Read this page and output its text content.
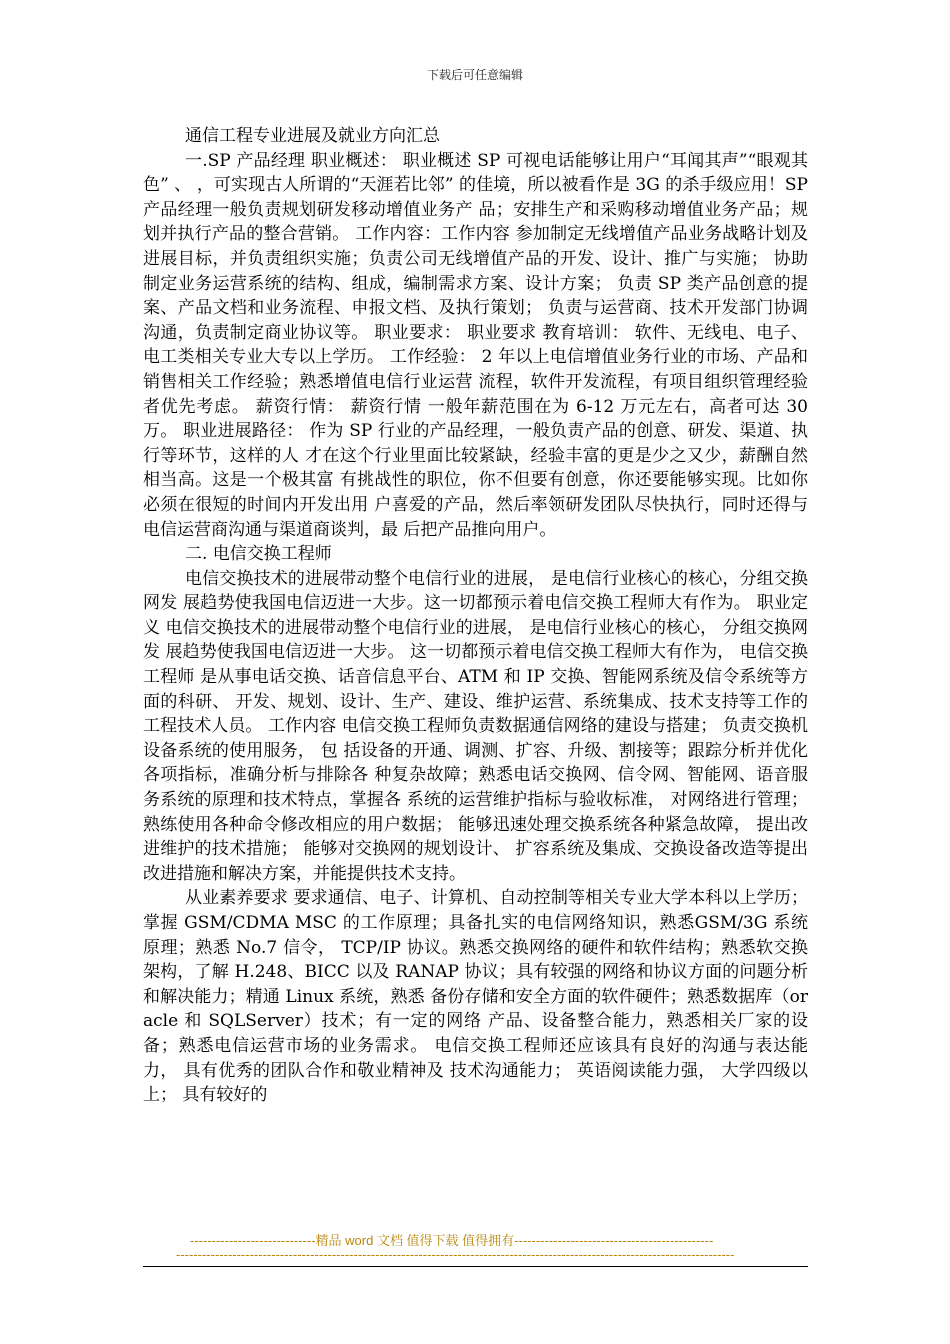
下载后可任意编辑

通信工程专业进展及就业方向汇总

一.SP 产品经理 职业概述： 职业概述 SP 可视电话能够让用户“耳闻其声”“眼观其色” 、 ，可实现古人所谓的“天涯若比邻” 的佳境，所以被看作是 3G 的杀手级应用！SP 产品经理一般负责规划研发移动增值业务产 品；安排生产和采购移动增值业务产品；规划并执行产品的整合营销。 工作内容：工作内容 参加制定无线增值产品业务战略计划及进展目标，并负责组织实施；负责公司无线增值产品的开发、设计、推广与实施； 协助制定业务运营系统的结构、组成，编制需求方案、设计方案； 负责 SP 类产品创意的提案、产品文档和业务流程、申报文档、及执行策划； 负责与运营商、技术开发部门协调沟通，负责制定商业协议等。 职业要求： 职业要求 教育培训： 软件、无线电、电子、电工类相关专业大专以上学历。 工作经验： 2 年以上电信增值业务行业的市场、产品和销售相关工作经验；熟悉增值电信行业运营 流程，软件开发流程，有项目组织管理经验者优先考虑。 薪资行情： 薪资行情 一般年薪范围在为 6-12 万元左右，高者可达 30 万。 职业进展路径： 作为 SP 行业的产品经理，一般负责产品的创意、研发、渠道、执行等环节，这样的人 才在这个行业里面比较紧缺，经验丰富的更是少之又少，薪酬自然相当高。这是一个极其富 有挑战性的职位，你不但要有创意，你还要能够实现。比如你必须在很短的时间内开发出用 户喜爱的产品，然后率领研发团队尽快执行，同时还得与电信运营商沟通与渠道商谈判，最 后把产品推向用户。

二. 电信交换工程师

电信交换技术的进展带动整个电信行业的进展， 是电信行业核心的核心，分组交换网发 展趋势使我国电信迈进一大步。这一切都预示着电信交换工程师大有作为。 职业定义 电信交换技术的进展带动整个电信行业的进展， 是电信行业核心的核心， 分组交换网发 展趋势使我国电信迈进一大步。 这一切都预示着电信交换工程师大有作为， 电信交换工程师 是从事电话交换、话音信息平台、ATM 和 IP 交换、智能网系统及信令系统等方面的科研、 开发、规划、设计、生产、建设、维护运营、系统集成、技术支持等工作的工程技术人员。 工作内容 电信交换工程师负责数据通信网络的建设与搭建； 负责交换机设备系统的使用服务， 包 括设备的开通、调测、扩容、升级、割接等；跟踪分析并优化各项指标，准确分析与排除各 种复杂故障；熟悉电话交换网、信令网、智能网、语音服务系统的原理和技术特点，掌握各 系统的运营维护指标与验收标准， 对网络进行管理； 熟练使用各种命令修改相应的用户数据； 能够迅速处理交换系统各种紧急故障， 提出改进维护的技术措施； 能够对交换网的规划设计、 扩容系统及集成、交换设备改造等提出改进措施和解决方案，并能提供技术支持。

从业素养要求 要求通信、电子、计算机、自动控制等相关专业大学本科以上学历；掌握 GSM/CDMA MSC 的工作原理；具备扎实的电信网络知识，熟悉GSM/3G 系统原理；熟悉 No.7 信令， TCP/IP 协议。熟悉交换网络的硬件和软件结构；熟悉软交换架构，了解 H.248、BICC 以及 RANAP 协议；具有较强的网络和协议方面的问题分析和解决能力；精通 Linux 系统，熟悉 备份存储和安全方面的软件硬件；熟悉数据库（oracle 和 SQLServer）技术；有一定的网络 产品、设备整合能力，熟悉相关厂家的设备；熟悉电信运营市场的业务需求。 电信交换工程师还应该具有良好的沟通与表达能力， 具有优秀的团队合作和敬业精神及 技术沟通能力； 英语阅读能力强， 大学四级以上； 具有较好的

-----------------------------精品 word 文档 值得下载 值得拥有----------------------------------------------
---------------------------------------------------------------------------------------------------------------------------------
